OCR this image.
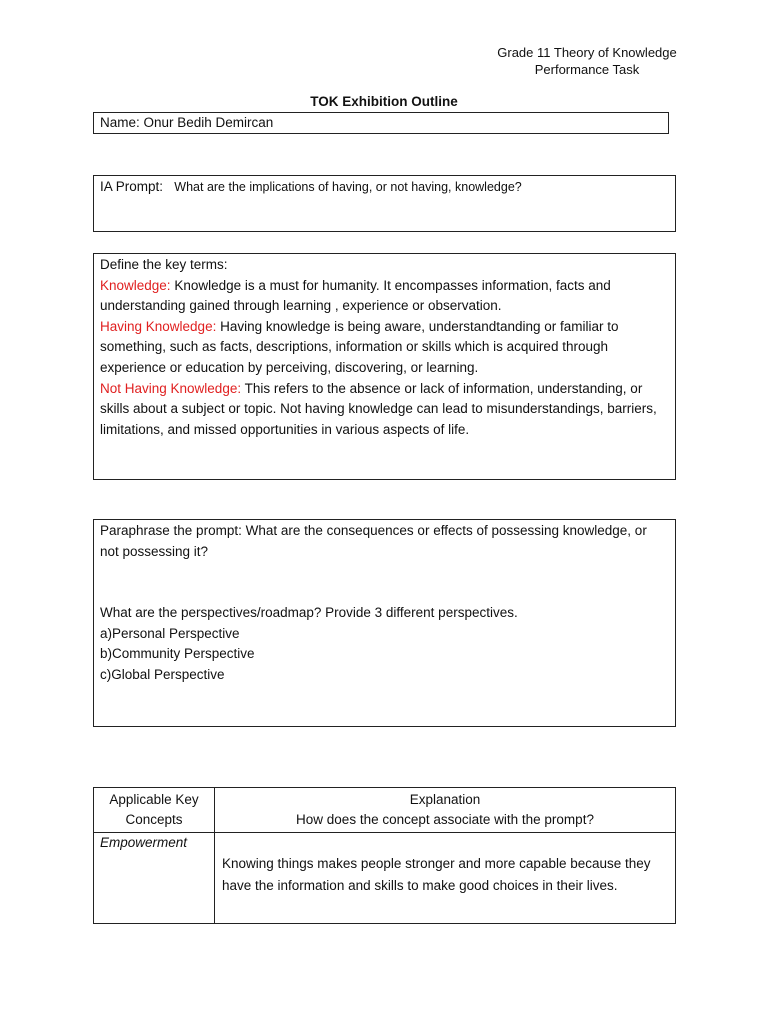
Grade 11 Theory of Knowledge
Performance Task
TOK Exhibition Outline
Name: Onur Bedih Demircan
IA Prompt: What are the implications of having, or not having, knowledge?

Define the key terms:

Knowledge: Knowledge is a must for humanity. It encompasses information, facts and understanding gained through learning , experience or observation.

Having Knowledge: Having knowledge is being aware, understandtanding or familiar to something, such as facts, descriptions, information or skills which is acquired through experience or education by perceiving, discovering, or learning.

Not Having Knowledge: This refers to the absence or lack of information, understanding, or skills about a subject or topic. Not having knowledge can lead to misunderstandings, barriers, limitations, and missed opportunities in various aspects of life.

Paraphrase the prompt: What are the consequences or effects of possessing knowledge, or not possessing it?

What are the perspectives/roadmap? Provide 3 different perspectives.

a)Personal Perspective

b)Community Perspective

c)Global Perspective

Applicable Key Concepts	Explanation
How does the concept associate with the prompt?

Empowerment	Knowing things makes people stronger and more capable because they have the information and skills to make good choices in their lives.
